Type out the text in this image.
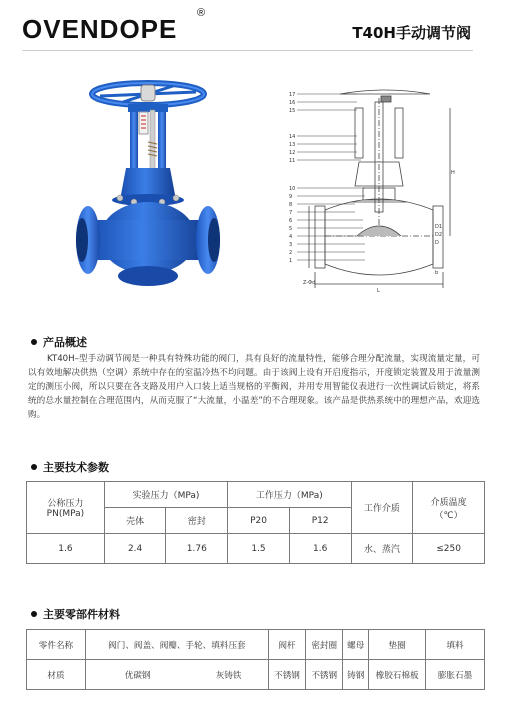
OVENDOPE
®
T40H手动调节阀
17
16
15
14
13
12
11
10
9
8
7
6
5
4
3
2
1
L
H
D1
D2
D
b
Z-Φd
产品概述

KT40H–型手动调节阀是一种具有特殊功能的阀门，具有良好的流量特性，能够合理分配流量，实现流量定量，可以有效地解决供热（空调）系统中存在的室温冷热不均问题。由于该阀上设有开启度指示，开度锁定装置及用于流量测定的测压小阀，所以只要在各支路及用户入口装上适当规格的平衡阀，并用专用智能仪表进行一次性调试后锁定，将系统的总水量控制在合理范围内，从而克服了“大流量，小温差”的不合理现象。该产品是供热系统中的理想产品，欢迎选购。

主要技术参数
公称压力
PN(MPa)	实验压力（MPa)		工作压力（MPa)		工作介质	介质温度
（℃）
	壳体	密封	P20	P12		
1.6	2.4	1.76	1.5	1.6	水、蒸汽	≤250
主要零部件材料
零件名称	阀门、阀盖、阀瓣、手轮、填料压套		阀杆	密封圈	螺母	垫圈	填料
材质	优碳钢	灰铸铁	不锈钢	不锈钢	铸钢	橡胶石棉板	膨胀石墨
